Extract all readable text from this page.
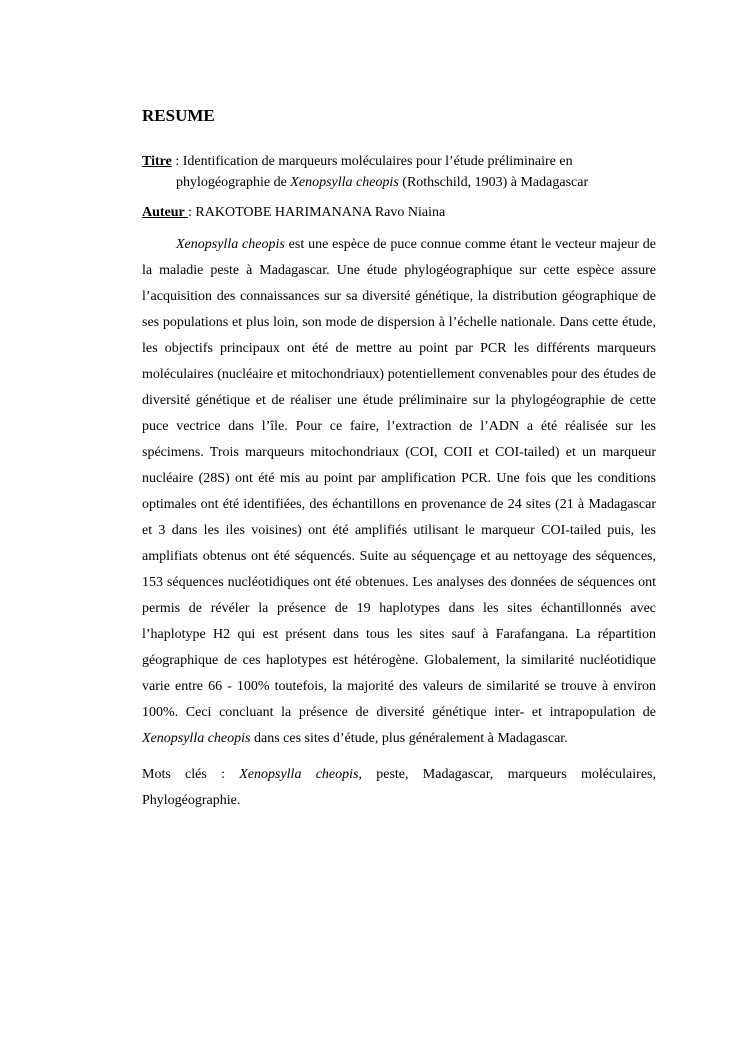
RESUME

Titre : Identification de marqueurs moléculaires pour l’étude préliminaire en phylogéographie de Xenopsylla cheopis (Rothschild, 1903) à Madagascar

Auteur : RAKOTOBE HARIMANANA Ravo Niaina

Xenopsylla cheopis est une espèce de puce connue comme étant le vecteur majeur de la maladie peste à Madagascar. Une étude phylogéographique sur cette espèce assure l’acquisition des connaissances sur sa diversité génétique, la distribution géographique de ses populations et plus loin, son mode de dispersion à l’échelle nationale. Dans cette étude, les objectifs principaux ont été de mettre au point par PCR les différents marqueurs moléculaires (nucléaire et mitochondriaux) potentiellement convenables pour des études de diversité génétique et de réaliser une étude préliminaire sur la phylogéographie de cette puce vectrice dans l’île. Pour ce faire, l’extraction de l’ADN a été réalisée sur les spécimens. Trois marqueurs mitochondriaux (COI, COII et COI-tailed) et un marqueur nucléaire (28S) ont été mis au point par amplification PCR. Une fois que les conditions optimales ont été identifiées, des échantillons en provenance de 24 sites (21 à Madagascar et 3 dans les iles voisines) ont été amplifiés utilisant le marqueur COI-tailed puis, les amplifiats obtenus ont été séquencés. Suite au séquençage et au nettoyage des séquences, 153 séquences nucléotidiques ont été obtenues. Les analyses des données de séquences ont permis de révéler la présence de 19 haplotypes dans les sites échantillonnés avec l’haplotype H2 qui est présent dans tous les sites sauf à Farafangana. La répartition géographique de ces haplotypes est hétérogène. Globalement, la similarité nucléotidique varie entre 66 - 100% toutefois, la majorité des valeurs de similarité se trouve à environ 100%. Ceci concluant la présence de diversité génétique inter- et intrapopulation de Xenopsylla cheopis dans ces sites d’étude, plus généralement à Madagascar.

Mots clés : Xenopsylla cheopis, peste, Madagascar, marqueurs moléculaires, Phylogéographie.
